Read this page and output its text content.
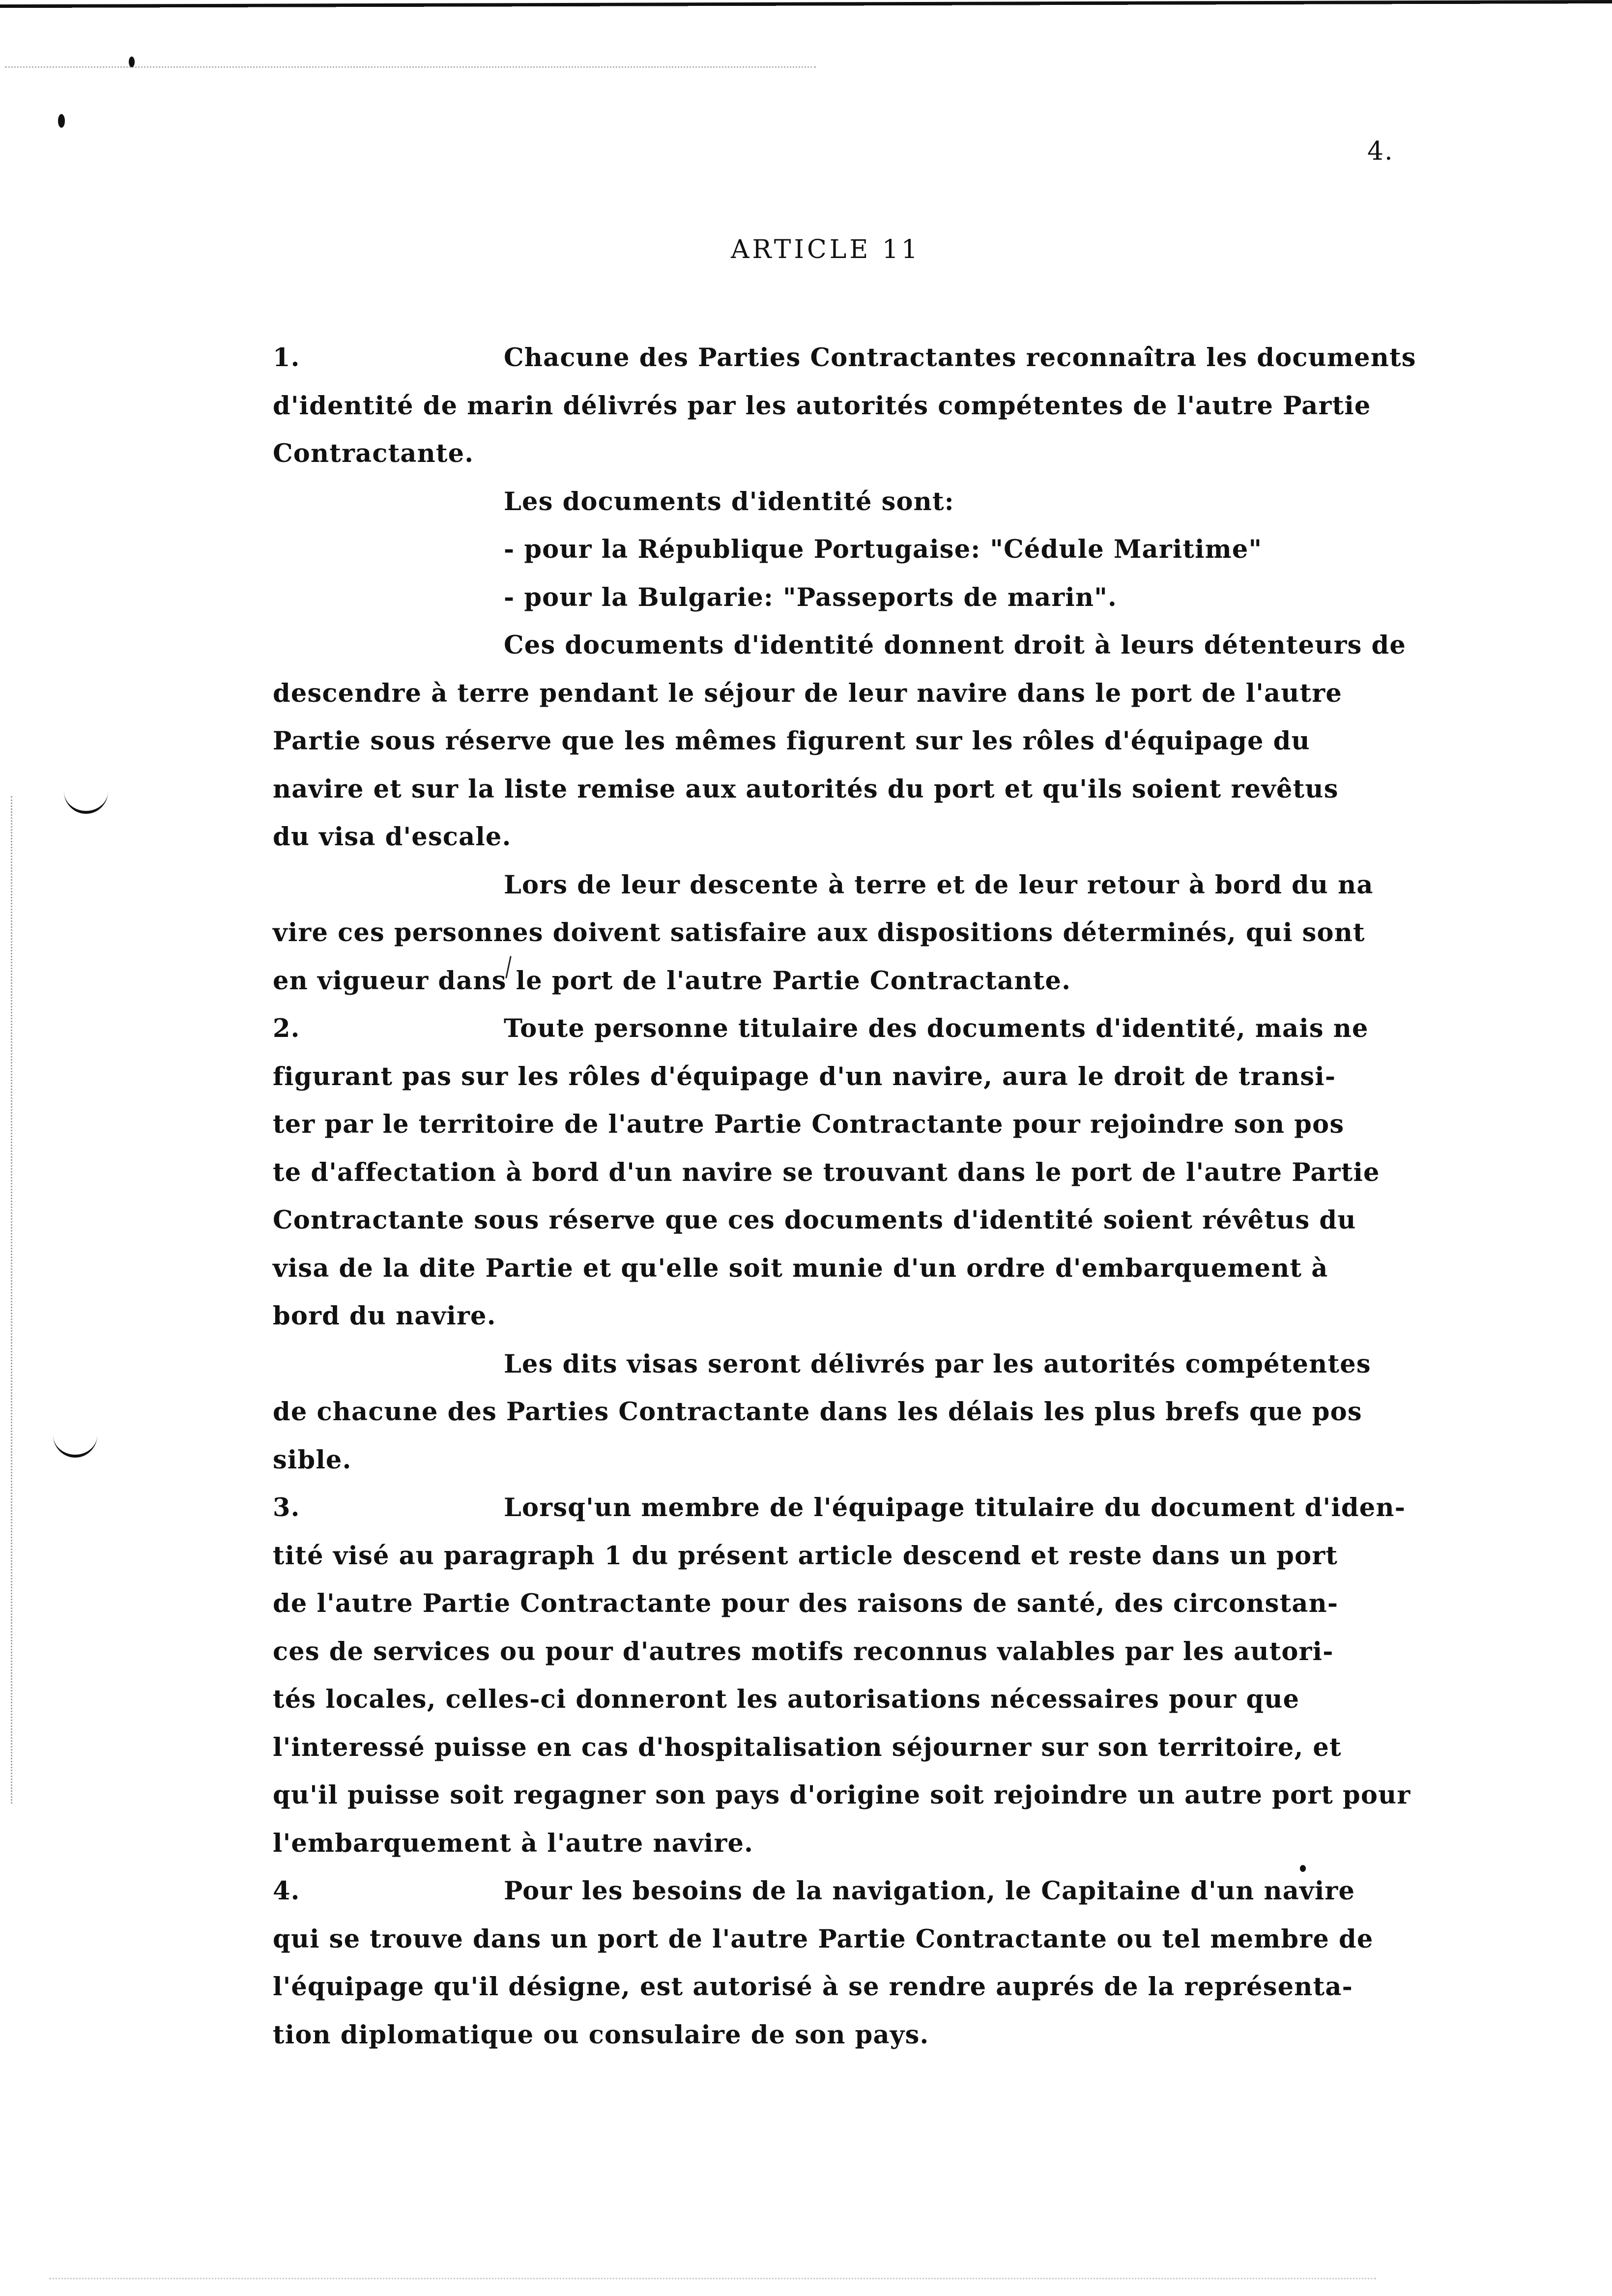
4.
ARTICLE 11
1.	Chacune des Parties Contractantes reconnaîtra les documents
d'identité de marin délivrés par les autorités compétentes de l'autre Partie
Contractante.
Les documents d'identité sont:
- pour la République Portugaise: "Cédule Maritime"
- pour la Bulgarie: "Passeports de marin".
Ces documents d'identité donnent droit à leurs détenteurs de
descendre à terre pendant le séjour de leur navire dans le port de l'autre
Partie sous réserve que les mêmes figurent sur les rôles d'équipage du
navire et sur la liste remise aux autorités du port et qu'ils soient revêtus
du visa d'escale.
Lors de leur descente à terre et de leur retour à bord du na
vire ces personnes doivent satisfaire aux dispositions déterminés, qui sont
en vigueur dans le port de l'autre Partie Contractante.
2.	Toute personne titulaire des documents d'identité, mais ne
figurant pas sur les rôles d'équipage d'un navire, aura le droit de transi-
ter par le territoire de l'autre Partie Contractante pour rejoindre son pos
te d'affectation à bord d'un navire se trouvant dans le port de l'autre Partie
Contractante sous réserve que ces documents d'identité soient révêtus du
visa de la dite Partie et qu'elle soit munie d'un ordre d'embarquement à
bord du navire.
Les dits visas seront délivrés par les autorités compétentes
de chacune des Parties Contractante dans les délais les plus brefs que pos
sible.
3.	Lorsq'un membre de l'équipage titulaire du document d'iden-
tité visé au paragraph 1 du présent article descend et reste dans un port
de l'autre Partie Contractante pour des raisons de santé, des circonstan-
ces de services ou pour d'autres motifs reconnus valables par les autori-
tés locales, celles-ci donneront les autorisations nécessaires pour que
l'interessé puisse en cas d'hospitalisation séjourner sur son territoire, et
qu'il puisse soit regagner son pays d'origine soit rejoindre un autre port pour
l'embarquement à l'autre navire.
4.	Pour les besoins de la navigation, le Capitaine d'un navire
qui se trouve dans un port de l'autre Partie Contractante ou tel membre de
l'équipage qu'il désigne, est autorisé à se rendre auprés de la représenta-
tion diplomatique ou consulaire de son pays.
